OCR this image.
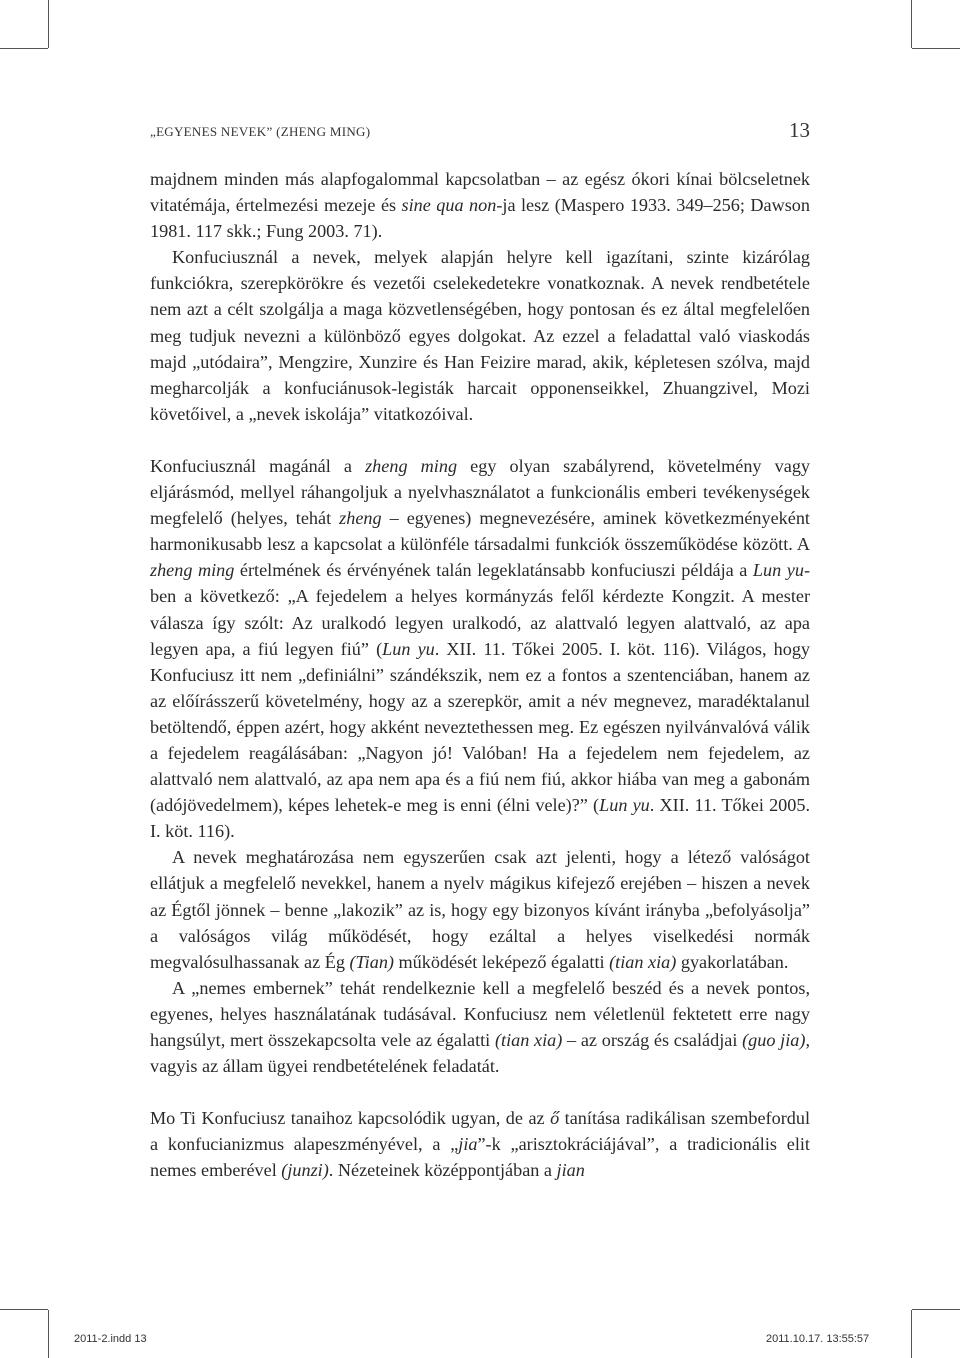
„EGYENES NEVEK” (ZHENG MING)	13

majdnem minden más alapfogalommal kapcsolatban – az egész ókori kínai bölcseletnek vitatémája, értelmezési mezeje és sine qua non-ja lesz (Maspero 1933. 349–256; Dawson 1981. 117 skk.; Fung 2003. 71).

Konfuciusznál a nevek, melyek alapján helyre kell igazítani, szinte kizárólag funkciókra, szerepkörökre és vezetői cselekedetekre vonatkoznak. A nevek rendbetétele nem azt a célt szolgálja a maga közvetlenségében, hogy pontosan és ez által megfelelően meg tudjuk nevezni a különböző egyes dolgokat. Az ezzel a feladattal való viaskodás majd „utódaira”, Mengzire, Xunzire és Han Feizire marad, akik, képletesen szólva, majd megharcolják a konfuciánusok-legisták harcait opponenseikkel, Zhuangzivel, Mozi követőivel, a „nevek iskolája” vitatkozóival.

Konfuciusznál magánál a zheng ming egy olyan szabályrend, követelmény vagy eljárásmód, mellyel ráhangoljuk a nyelvhasználatot a funkcionális emberi tevékenységek megfelelő (helyes, tehát zheng – egyenes) megnevezésére, aminek következményeként harmonikusabb lesz a kapcsolat a különféle társadalmi funkciók összeműködése között. A zheng ming értelmének és érvényének talán legeklatánsabb konfuciuszi példája a Lun yu-ben a következő: „A fejedelem a helyes kormányzás felől kérdezte Kongzit. A mester válasza így szólt: Az uralkodó legyen uralkodó, az alattvaló legyen alattvaló, az apa legyen apa, a fiú legyen fiú” (Lun yu. XII. 11. Tőkei 2005. I. köt. 116). Világos, hogy Konfuciusz itt nem „definiálni” szándékszik, nem ez a fontos a szentenciában, hanem az az előírásszerű követelmény, hogy az a szerepkör, amit a név megnevez, maradéktalanul betöltendő, éppen azért, hogy akként neveztethessen meg. Ez egészen nyilvánvalóvá válik a fejedelem reagálásában: „Nagyon jó! Valóban! Ha a fejedelem nem fejedelem, az alattvaló nem alattvaló, az apa nem apa és a fiú nem fiú, akkor hiába van meg a gabonám (adójövedelmem), képes lehetek-e meg is enni (élni vele)?” (Lun yu. XII. 11. Tőkei 2005. I. köt. 116).

A nevek meghatározása nem egyszerűen csak azt jelenti, hogy a létező valóságot ellátjuk a megfelelő nevekkel, hanem a nyelv mágikus kifejező erejében – hiszen a nevek az Égtől jönnek – benne „lakozik” az is, hogy egy bizonyos kívánt irányba „befolyásolja” a valóságos világ működését, hogy ezáltal a helyes viselkedési normák megvalósulhassanak az Ég (Tian) működését leképező égalatti (tian xia) gyakorlatában.

A „nemes embernek” tehát rendelkeznie kell a megfelelő beszéd és a nevek pontos, egyenes, helyes használatának tudásával. Konfuciusz nem véletlenül fektetett erre nagy hangsúlyt, mert összekapcsolta vele az égalatti (tian xia) – az ország és családjai (guo jia), vagyis az állam ügyei rendbetételének feladatát.

Mo Ti Konfuciusz tanaihoz kapcsolódik ugyan, de az ő tanítása radikálisan szembefordul a konfucianizmus alapeszményével, a „jia”-k „arisztokráciájával”, a tradicionális elit nemes emberével (junzi). Nézeteinek középpontjában a jian

2011-2.indd 13	2011.10.17. 13:55:57
